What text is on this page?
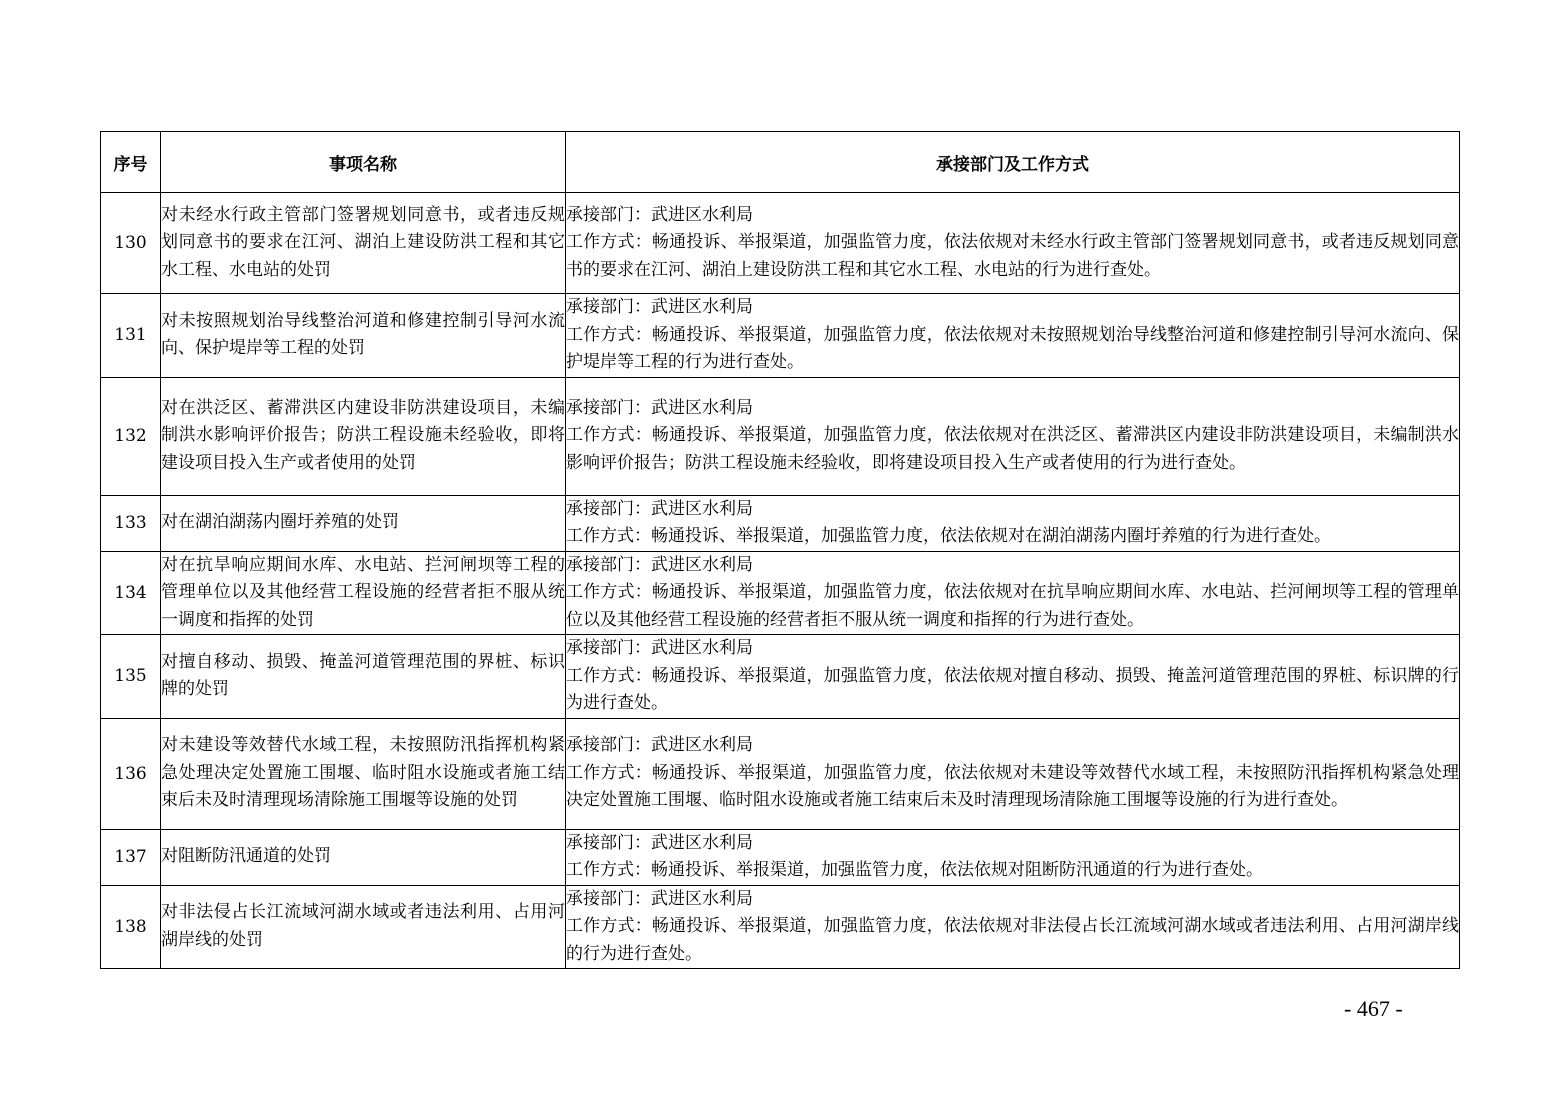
序号	事项名称	承接部门及工作方式
130	对未经水行政主管部门签署规划同意书，或者违反规划同意书的要求在江河、湖泊上建设防洪工程和其它水工程、水电站的处罚	承接部门：武进区水利局
工作方式：畅通投诉、举报渠道，加强监管力度，依法依规对未经水行政主管部门签署规划同意书，或者违反规划同意书的要求在江河、湖泊上建设防洪工程和其它水工程、水电站的行为进行查处。

131	对未按照规划治导线整治河道和修建控制引导河水流向、保护堤岸等工程的处罚	承接部门：武进区水利局
工作方式：畅通投诉、举报渠道，加强监管力度，依法依规对未按照规划治导线整治河道和修建控制引导河水流向、保护堤岸等工程的行为进行查处。

132	对在洪泛区、蓄滞洪区内建设非防洪建设项目，未编制洪水影响评价报告；防洪工程设施未经验收，即将建设项目投入生产或者使用的处罚	承接部门：武进区水利局
工作方式：畅通投诉、举报渠道，加强监管力度，依法依规对在洪泛区、蓄滞洪区内建设非防洪建设项目，未编制洪水影响评价报告；防洪工程设施未经验收，即将建设项目投入生产或者使用的行为进行查处。

133	对在湖泊湖荡内圈圩养殖的处罚	承接部门：武进区水利局
工作方式：畅通投诉、举报渠道，加强监管力度，依法依规对在湖泊湖荡内圈圩养殖的行为进行查处。

134	对在抗旱响应期间水库、水电站、拦河闸坝等工程的管理单位以及其他经营工程设施的经营者拒不服从统一调度和指挥的处罚	承接部门：武进区水利局
工作方式：畅通投诉、举报渠道，加强监管力度，依法依规对在抗旱响应期间水库、水电站、拦河闸坝等工程的管理单位以及其他经营工程设施的经营者拒不服从统一调度和指挥的行为进行查处。

135	对擅自移动、损毁、掩盖河道管理范围的界桩、标识牌的处罚	承接部门：武进区水利局
工作方式：畅通投诉、举报渠道，加强监管力度，依法依规对擅自移动、损毁、掩盖河道管理范围的界桩、标识牌的行为进行查处。

136	对未建设等效替代水域工程，未按照防汛指挥机构紧急处理决定处置施工围堰、临时阻水设施或者施工结束后未及时清理现场清除施工围堰等设施的处罚	承接部门：武进区水利局
工作方式：畅通投诉、举报渠道，加强监管力度，依法依规对未建设等效替代水域工程，未按照防汛指挥机构紧急处理决定处置施工围堰、临时阻水设施或者施工结束后未及时清理现场清除施工围堰等设施的行为进行查处。

137	对阻断防汛通道的处罚	承接部门：武进区水利局
工作方式：畅通投诉、举报渠道，加强监管力度，依法依规对阻断防汛通道的行为进行查处。

138	对非法侵占长江流域河湖水域或者违法利用、占用河湖岸线的处罚	承接部门：武进区水利局
工作方式：畅通投诉、举报渠道，加强监管力度，依法依规对非法侵占长江流域河湖水域或者违法利用、占用河湖岸线的行为进行查处。
- 467 -
